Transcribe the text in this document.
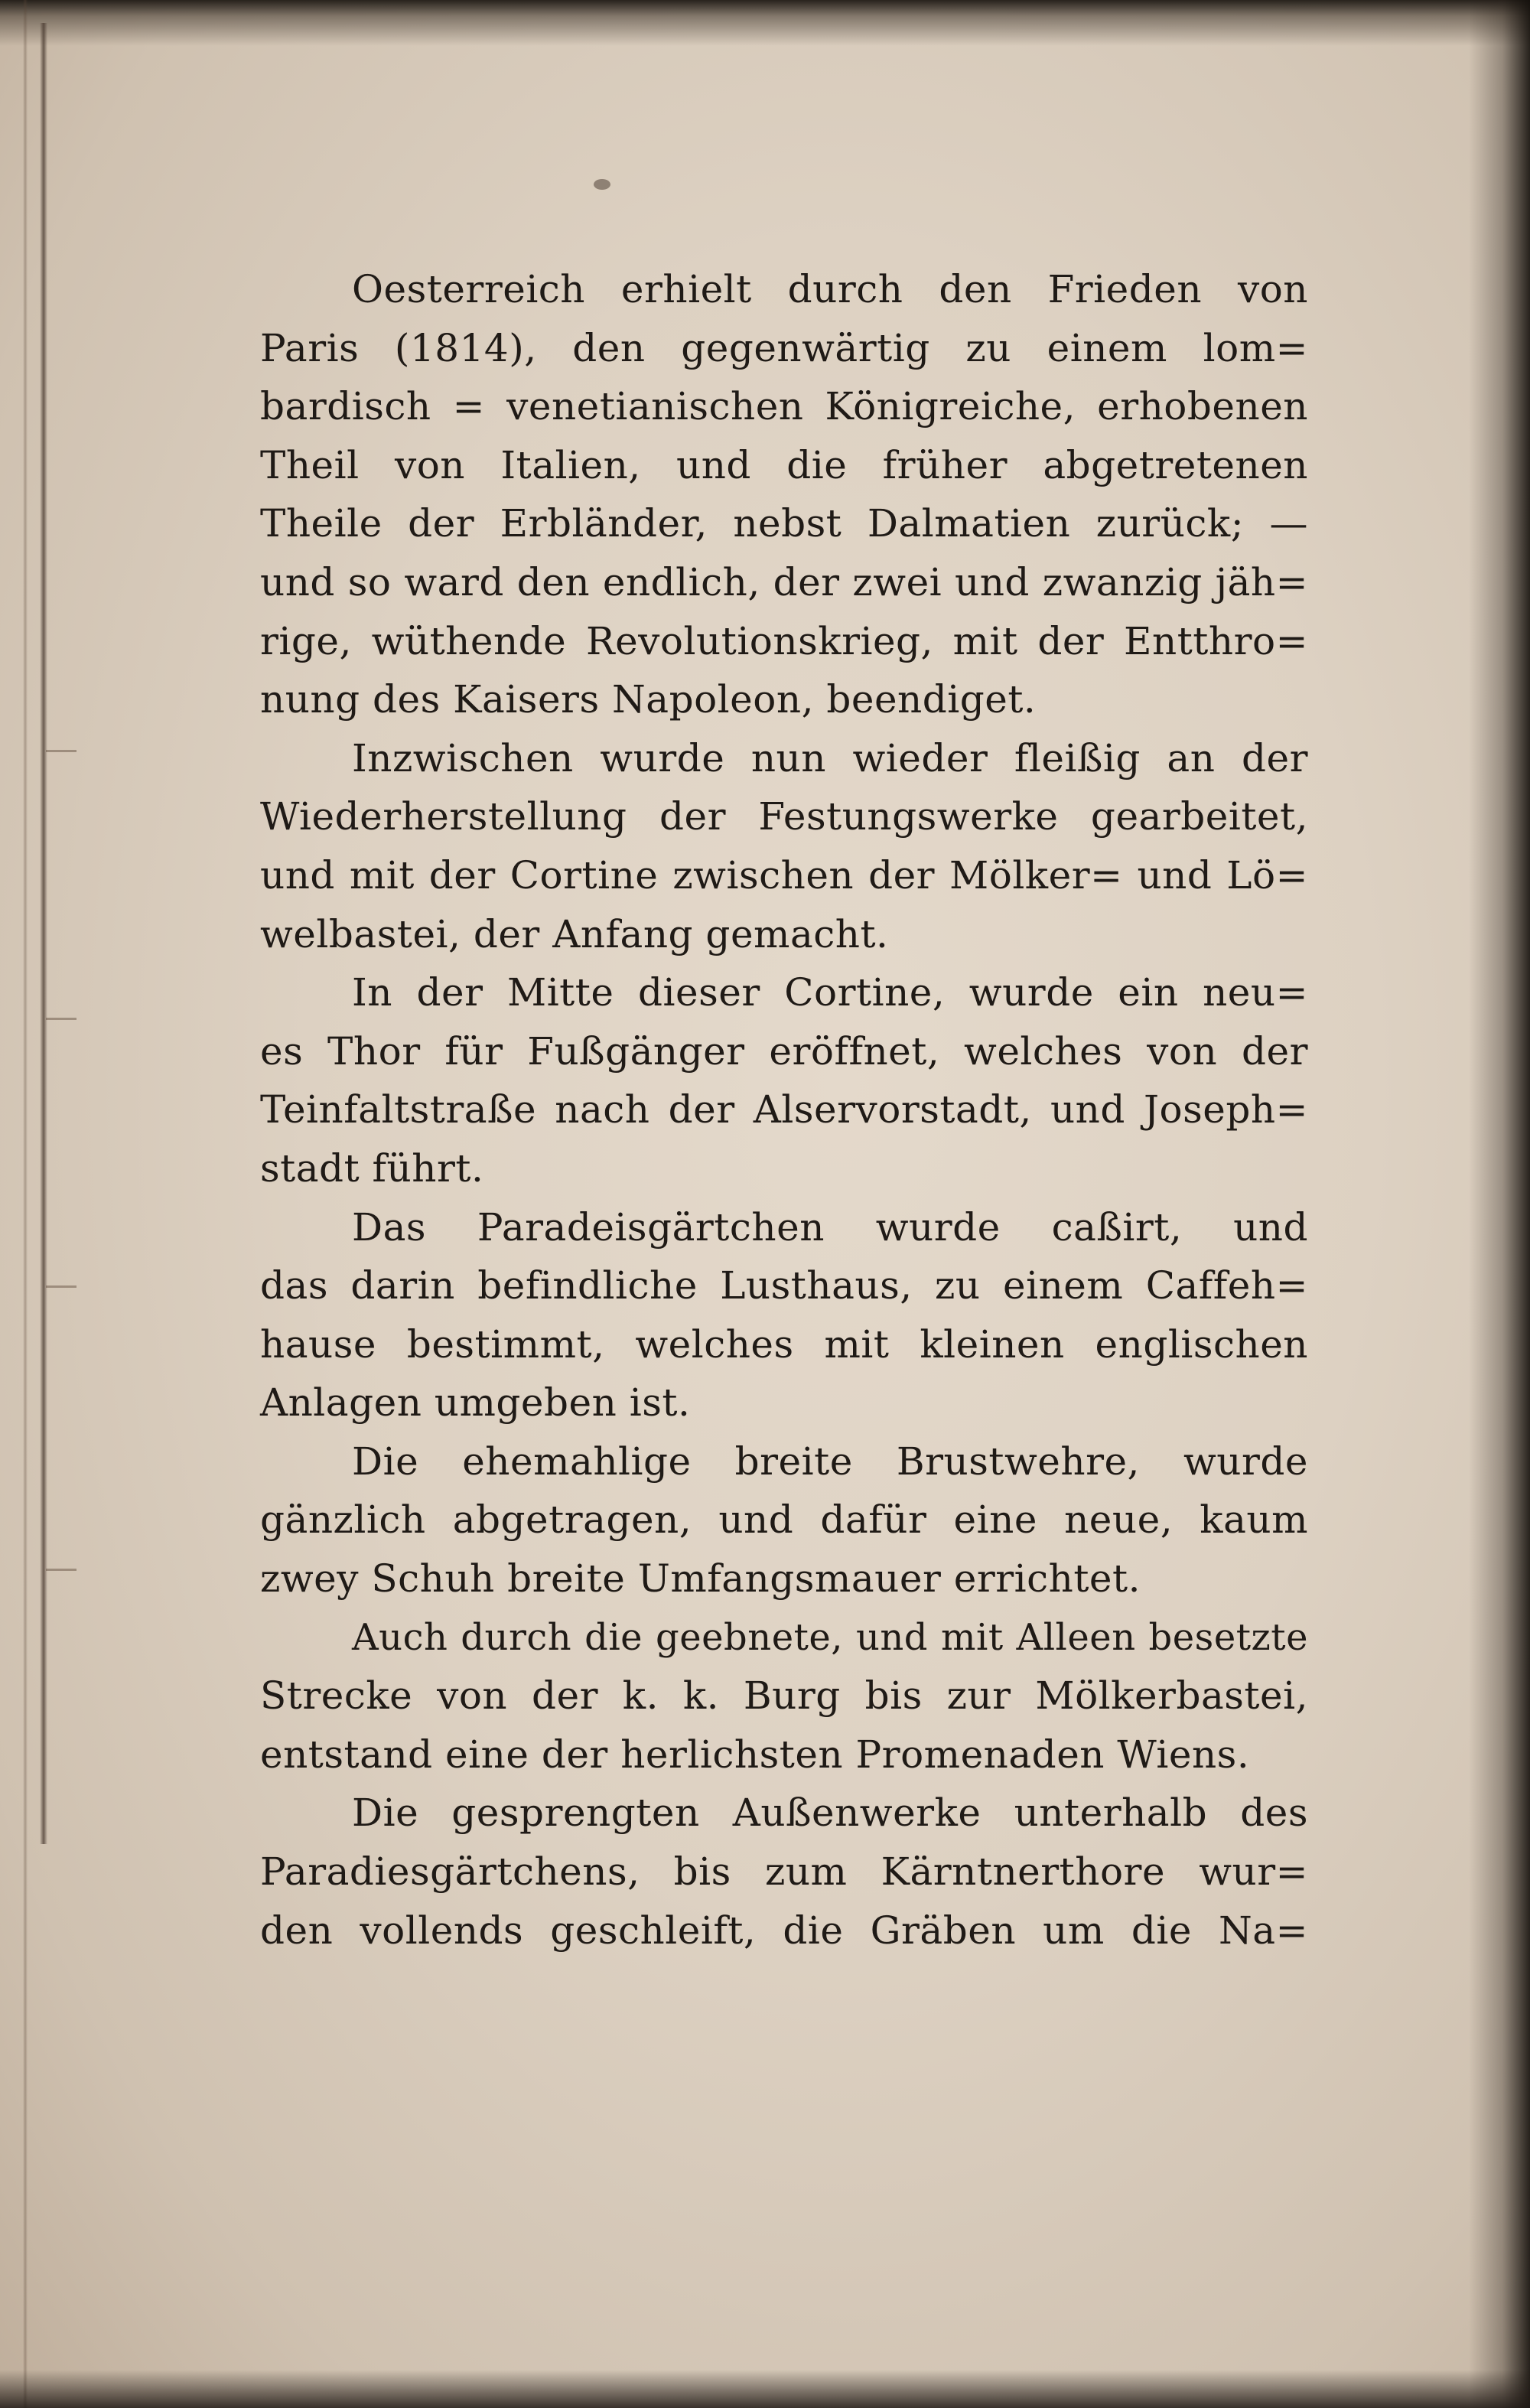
Oesterreich erhielt durch den Frieden von
Paris (1814), den gegenwärtig zu einem lom=
bardisch = venetianischen Königreiche, erhobenen
Theil von Italien, und die früher abgetretenen
Theile der Erbländer, nebst Dalmatien zurück; —
und so ward den endlich, der zwei und zwanzig jäh=
rige, wüthende Revolutionskrieg, mit der Entthro=
nung des Kaisers Napoleon, beendiget.
Inzwischen wurde nun wieder fleißig an der
Wiederherstellung der Festungswerke gearbeitet,
und mit der Cortine zwischen der Mölker= und Lö=
welbastei, der Anfang gemacht.
In der Mitte dieser Cortine, wurde ein neu=
es Thor für Fußgänger eröffnet, welches von der
Teinfaltstraße nach der Alservorstadt, und Joseph=
stadt führt.
Das Paradeisgärtchen wurde caßirt, und
das darin befindliche Lusthaus, zu einem Caffeh=
hause bestimmt, welches mit kleinen englischen
Anlagen umgeben ist.
Die ehemahlige breite Brustwehre, wurde
gänzlich abgetragen, und dafür eine neue, kaum
zwey Schuh breite Umfangsmauer errichtet.
Auch durch die geebnete, und mit Alleen besetzte
Strecke von der k. k. Burg bis zur Mölkerbastei,
entstand eine der herlichsten Promenaden Wiens.
Die gesprengten Außenwerke unterhalb des
Paradiesgärtchens, bis zum Kärntnerthore wur=
den vollends geschleift, die Gräben um die Na=
